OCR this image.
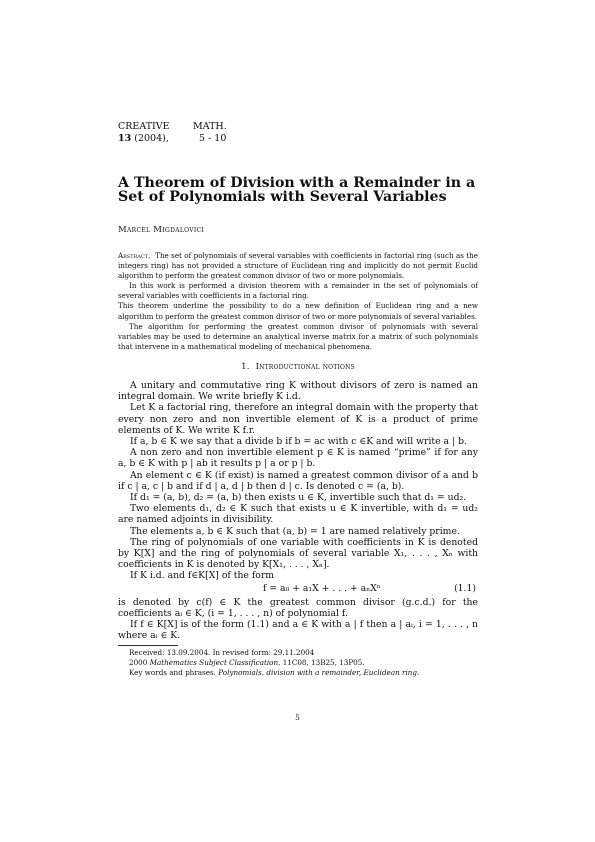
CREATIVE MATH.
13 (2004),	5 - 10
A Theorem of Division with a Remainder in a Set of Polynomials with Several Variables
Marcel Migdalovici

Abstract. The set of polynomials of several variables with coefficients in factorial ring (such as the integers ring) has not provided a structure of Euclidean ring and implicitly do not permit Euclid algorithm to perform the greatest common divisor of two or more polynomials.

In this work is performed a division theorem with a remainder in the set of polynomials of several variables with coefficients in a factorial ring.

This theorem underline the possibility to do a new definition of Euclidean ring and a new algorithm to perform the greatest common divisor of two or more polynomials of several variables.

The algorithm for performing the greatest common divisor of polynomials with several variables may be used to determine an analytical inverse matrix for a matrix of such polynomials that intervene in a mathematical modeling of mechanical phenomena.

1. Introductional notions

A unitary and commutative ring K without divisors of zero is named an integral domain. We write briefly K i.d.

Let K a factorial ring, therefore an integral domain with the property that every non zero and non invertible element of K is a product of prime elements of K. We write K f.r.

If a, b ∈ K we say that a divide b if b = ac with c ∈K and will write a | b.

A non zero and non invertible element p ∈ K is named “prime” if for any a, b ∈ K with p | ab it results p | a or p | b.

An element c ∈ K (if exist) is named a greatest common divisor of a and b if c | a, c | b and if d | a, d | b then d | c. Is denoted c = (a, b).

If d₁ = (a, b), d₂ = (a, b) then exists u ∈ K, invertible such that d₁ = ud₂.

Two elements d₁, d₂ ∈ K such that exists u ∈ K invertible, with d₁ = ud₂ are named adjoints in divisibility.

The elements a, b ∈ K such that (a, b) = 1 are named relatively prime.

The ring of polynomials of one variable with coefficients in K is denoted by K[X] and the ring of polynomials of several variable X₁, . . . , Xₙ with coefficients in K is denoted by K[X₁, . . . , Xₙ].

If K i.d. and f∈K[X] of the form

f = a₀ + a₁X + . . . + aₙXⁿ	(1.1)

is denoted by c(f) ∈ K the greatest common divisor (g.c.d.) for the coefficients aᵢ ∈ K, (i = 1, . . . , n) of polynomial f.

If f ∈ K[X] is of the form (1.1) and a ∈ K with a | f then a | aᵢ, i = 1, . . . , n where aᵢ ∈ K.

Received: 13.09.2004. In revised form: 29.11.2004

2000 Mathematics Subject Classification. 11C08, 13B25, 13P05.

Key words and phrases. Polynomials, division with a remainder, Euclidean ring.

5
